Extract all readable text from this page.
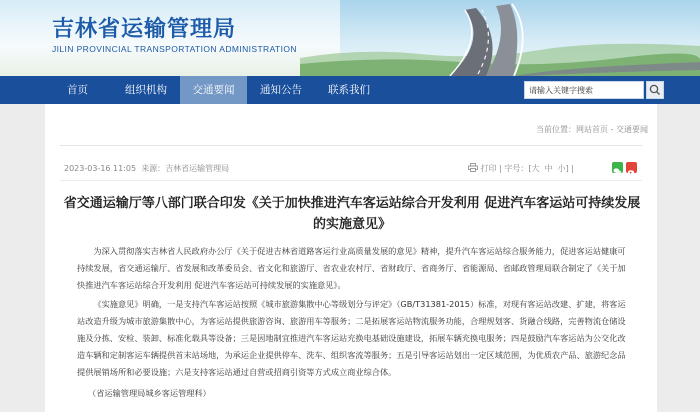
吉林省运输管理局
JILIN PROVINCIAL TRANSPORTATION ADMINISTRATION
首页	组织机构	交通要闻	通知公告	联系我们
请输入关键字搜索
当前位置：网站首页 - 交通要闻
2023-03-16 11:05 来源：吉林省运输管理局	打印 | 字号：[大 中 小] |
省交通运输厅等八部门联合印发《关于加快推进汽车客运站综合开发利用 促进汽车客运站可持续发展的实施意见》
为深入贯彻落实吉林省人民政府办公厅《关于促进吉林省道路客运行业高质量发展的意见》精神，提升汽车客运站综合服务能力，促进客运站健康可持续发展，省交通运输厅、省发展和改革委员会、省文化和旅游厅、省农业农村厅、省财政厅、省商务厅、省能源局、省邮政管理局联合制定了《关于加快推进汽车客运站综合开发利用 促进汽车客运站可持续发展的实施意见》。
《实施意见》明确，一是支持汽车客运站按照《城市旅游集散中心等级划分与评定》（GB/T31381-2015）标准，对现有客运站改建、扩建，将客运站改造升级为城市旅游集散中心，为客运站提供旅游咨询、旅游用车等服务；二是拓展客运站物流服务功能，合理规划客、货融合线路，完善物流仓储设施及分拣、安检、装卸、标准化载具等设备；三是因地制宜推进汽车客运站充换电基础设施建设，拓展车辆充换电服务；四是鼓励汽车客运站为公交化改造车辆和定制客运车辆提供首末站场地，为承运企业提供停车、洗车、组织客流等服务；五是引导客运站划出一定区域范围，为优质农产品、旅游纪念品提供展销场所和必要设施；六是支持客运站通过自营或招商引资等方式成立商业综合体。
（省运输管理局城乡客运管理科）
